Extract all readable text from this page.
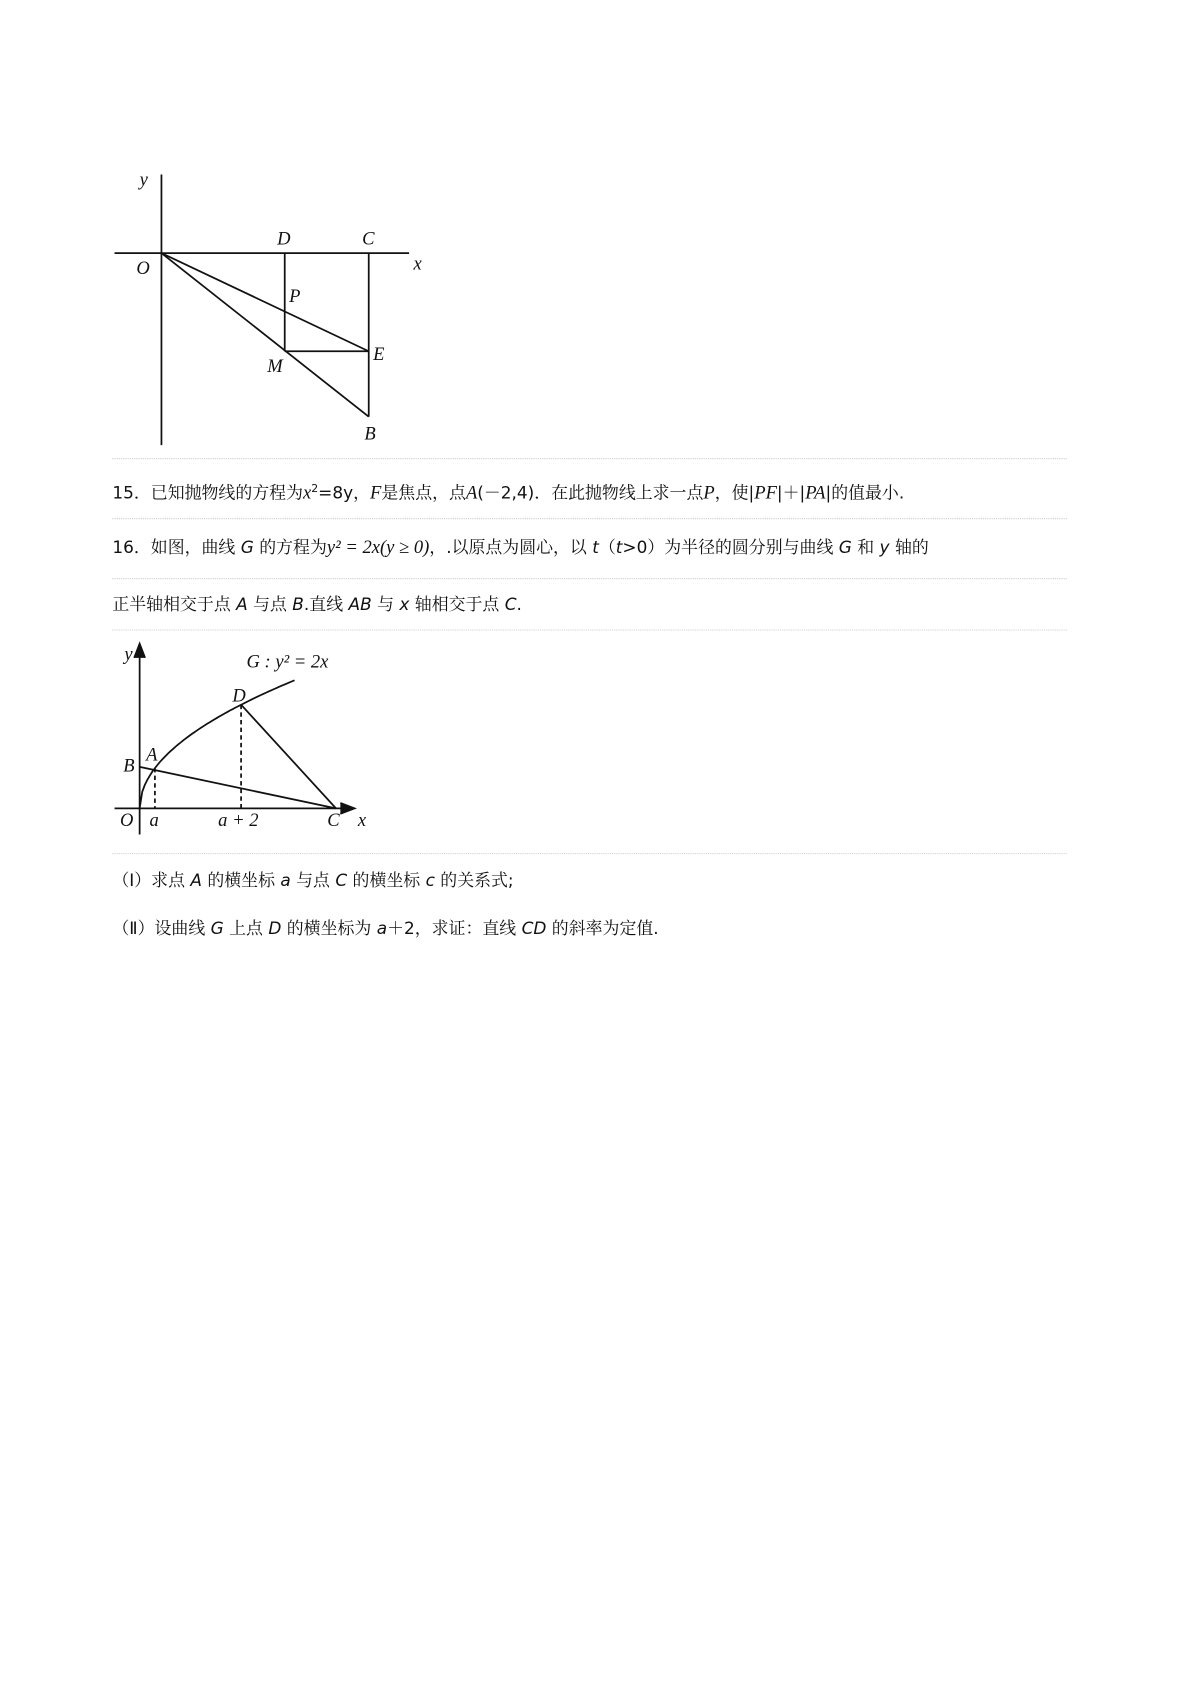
y
O
D	C
x
P
E
M
B
15．已知抛物线的方程为$x^2=8y$，F是焦点，点A(－2,4)．在此抛物线上求一点P，使|PF|＋|PA|的值最小.
16．如图，曲线 G 的方程为y² = 2x(y ≥ 0)，.以原点为圆心，以 t（t>0）为半径的圆分别与曲线 G 和 y 轴的
正半轴相交于点 A 与点 B.直线 AB 与 x 轴相交于点 C.
y	G : y² = 2x
D
B
A
O a	a + 2	C x
（Ⅰ）求点 A 的横坐标 a 与点 C 的横坐标 c 的关系式;
（Ⅱ）设曲线 G 上点 D 的横坐标为 a＋2，求证：直线 CD 的斜率为定值.
